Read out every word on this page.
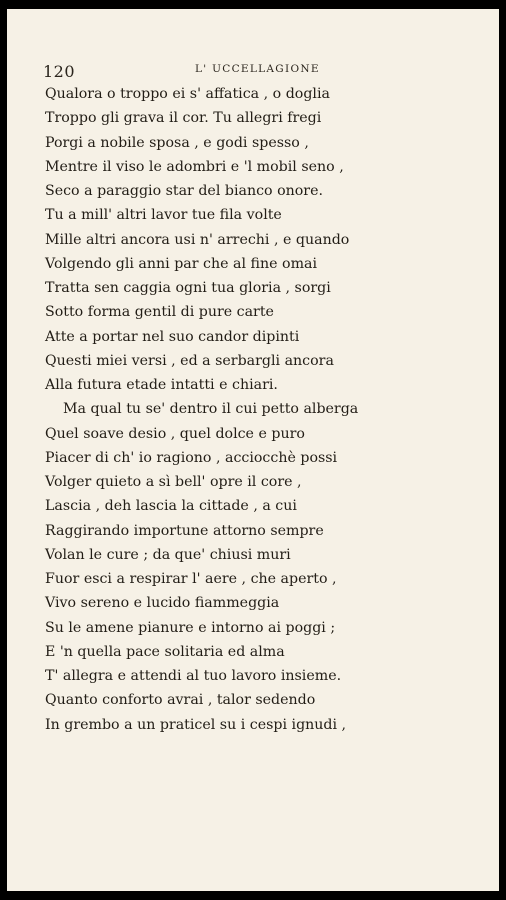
120	L' UCCELLAGIONE
Qualora o troppo ei s' affatica , o doglia
Troppo gli grava il cor. Tu allegri fregi
Porgi a nobile sposa , e godi spesso ,
Mentre il viso le adombri e 'l mobil seno ,
Seco a paraggio star del bianco onore.
Tu a mill' altri lavor tue fila volte
Mille altri ancora usi n' arrechi , e quando
Volgendo gli anni par che al fine omai
Tratta sen caggia ogni tua gloria , sorgi
Sotto forma gentil di pure carte
Atte a portar nel suo candor dipinti
Questi miei versi , ed a serbargli ancora
Alla futura etade intatti e chiari.
Ma qual tu se' dentro il cui petto alberga
Quel soave desio , quel dolce e puro
Piacer di ch' io ragiono , acciocchè possi
Volger quieto a sì bell' opre il core ,
Lascia , deh lascia la cittade , a cui
Raggirando importune attorno sempre
Volan le cure ; da que' chiusi muri
Fuor esci a respirar l' aere , che aperto ,
Vivo sereno e lucido fiammeggia
Su le amene pianure e intorno ai poggi ;
E 'n quella pace solitaria ed alma
T' allegra e attendi al tuo lavoro insieme.
Quanto conforto avrai , talor sedendo
In grembo a un praticel su i cespi ignudi ,
